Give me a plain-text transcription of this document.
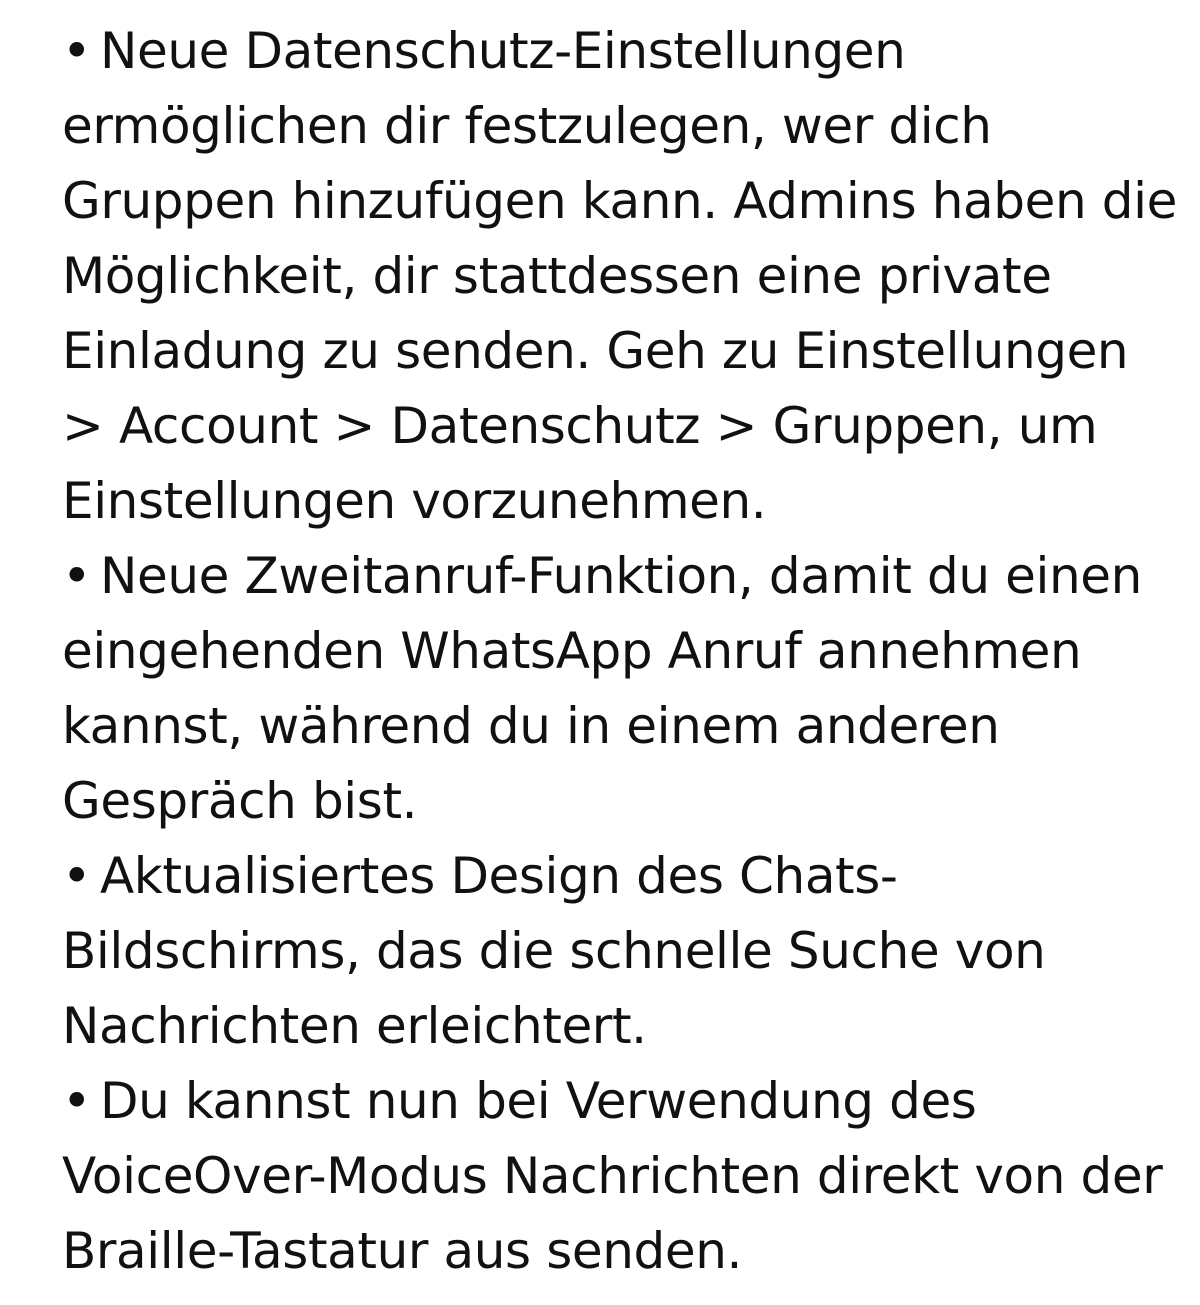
• Neue Datenschutz-Einstellungen ermöglichen dir festzulegen, wer dich Gruppen hinzufügen kann. Admins haben die Möglichkeit, dir stattdessen eine private Einladung zu senden. Geh zu Einstellungen > Account > Datenschutz > Gruppen, um Einstellungen vorzunehmen.

• Neue Zweitanruf-Funktion, damit du einen eingehenden WhatsApp Anruf annehmen kannst, während du in einem anderen Gespräch bist.

• Aktualisiertes Design des Chats-Bildschirms, das die schnelle Suche von Nachrichten erleichtert.

• Du kannst nun bei Verwendung des VoiceOver-Modus Nachrichten direkt von der Braille-Tastatur aus senden.
